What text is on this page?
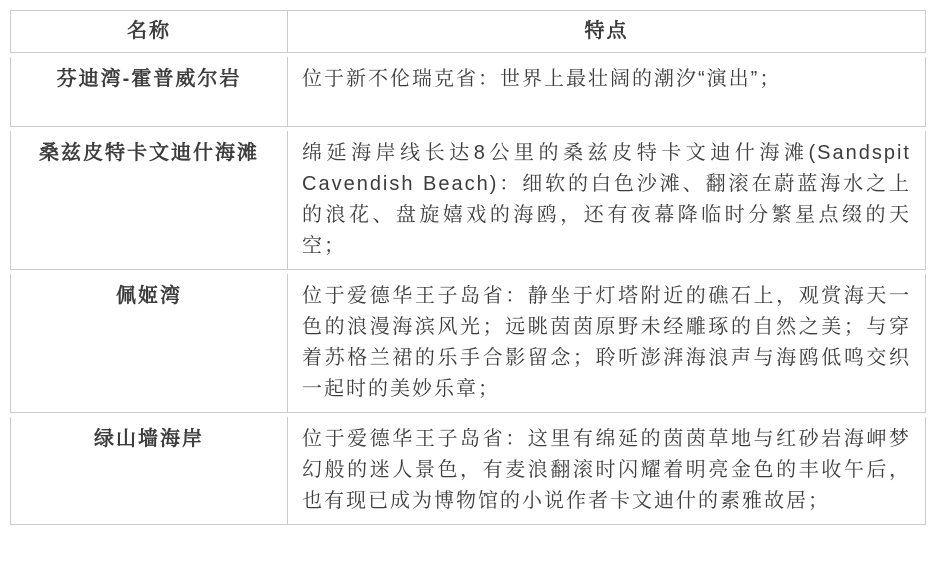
名称	特点
芬迪湾-霍普威尔岩	位于新不伦瑞克省：世界上最壮阔的潮汐“演出”；
桑兹皮特卡文迪什海滩	绵延海岸线长达8公里的桑兹皮特卡文迪什海滩(Sandspit Cavendish Beach)：细软的白色沙滩、翻滚在蔚蓝海水之上的浪花、盘旋嬉戏的海鸥，还有夜幕降临时分繁星点缀的天空；
佩姬湾	位于爱德华王子岛省：静坐于灯塔附近的礁石上，观赏海天一色的浪漫海滨风光；远眺茵茵原野未经雕琢的自然之美；与穿着苏格兰裙的乐手合影留念；聆听澎湃海浪声与海鸥低鸣交织一起时的美妙乐章；
绿山墙海岸	位于爱德华王子岛省：这里有绵延的茵茵草地与红砂岩海岬梦幻般的迷人景色，有麦浪翻滚时闪耀着明亮金色的丰收午后，也有现已成为博物馆的小说作者卡文迪什的素雅故居；
